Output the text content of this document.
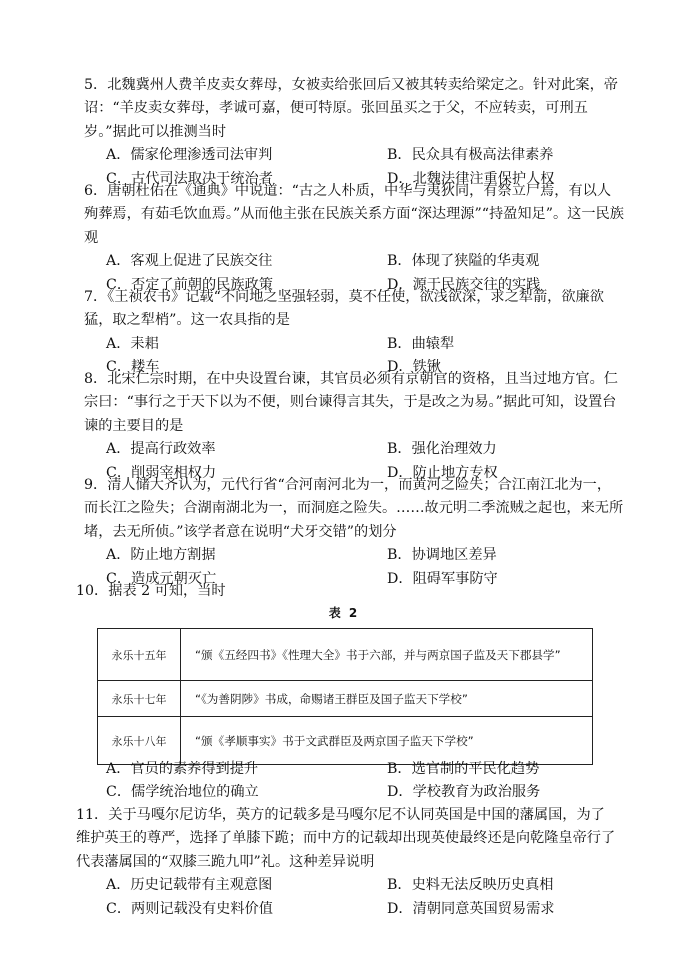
5．北魏冀州人费羊皮卖女葬母，女被卖给张回后又被其转卖给梁定之。针对此案，帝诏：“羊皮卖女葬母，孝诚可嘉，便可特原。张回虽买之于父，不应转卖，可刑五岁。”据此可以推测当时
A．儒家伦理渗透司法审判	B．民众具有极高法律素养
C．古代司法取决于统治者	D．北魏法律注重保护人权
6．唐朝杜佑在《通典》中说道：“古之人朴质，中华与夷狄同，有祭立尸焉，有以人殉葬焉，有茹毛饮血焉。”从而他主张在民族关系方面“深达理源”“持盈知足”。这一民族观
A．客观上促进了民族交往	B．体现了狭隘的华夷观
C．否定了前朝的民族政策	D．源于民族交往的实践
7．《王祯农书》记载“不问地之坚强轻弱，莫不任使，欲浅欲深，求之犁箭，欲廉欲猛，取之犁梢”。这一农具指的是
A．耒耜	B．曲辕犁
C．耧车	D．铁锹
8．北宋仁宗时期，在中央设置台谏，其官员必须有京朝官的资格，且当过地方官。仁宗曰：“事行之于天下以为不便，则台谏得言其失，于是改之为易。”据此可知，设置台谏的主要目的是
A．提高行政效率	B．强化治理效力
C．削弱宰相权力	D．防止地方专权
9．清人储大齐认为，元代行省“合河南河北为一，而黄河之险失；合江南江北为一，而长江之险失；合湖南湖北为一，而洞庭之险失。……故元明二季流贼之起也，来无所堵，去无所侦。”该学者意在说明“犬牙交错”的划分
A．防止地方割据	B．协调地区差异
C．造成元朝灭亡	D．阻碍军事防守
10．据表 2 可知，当时
表 2
永乐十五年	“颁《五经四书》《性理大全》书于六部，并与两京国子监及天下郡县学”
永乐十七年	“《为善阴陟》书成，命赐诸王群臣及国子监天下学校”
永乐十八年	“颁《孝顺事实》书于文武群臣及两京国子监天下学校”
A．官员的素养得到提升	B．选官制的平民化趋势
C．儒学统治地位的确立	D．学校教育为政治服务
11．关于马嘎尔尼访华，英方的记载多是马嘎尔尼不认同英国是中国的藩属国，为了维护英王的尊严，选择了单膝下跪；而中方的记载却出现英使最终还是向乾隆皇帝行了代表藩属国的“双膝三跪九叩”礼。这种差异说明
A．历史记载带有主观意图	B．史料无法反映历史真相
C．两则记载没有史料价值	D．清朝同意英国贸易需求
